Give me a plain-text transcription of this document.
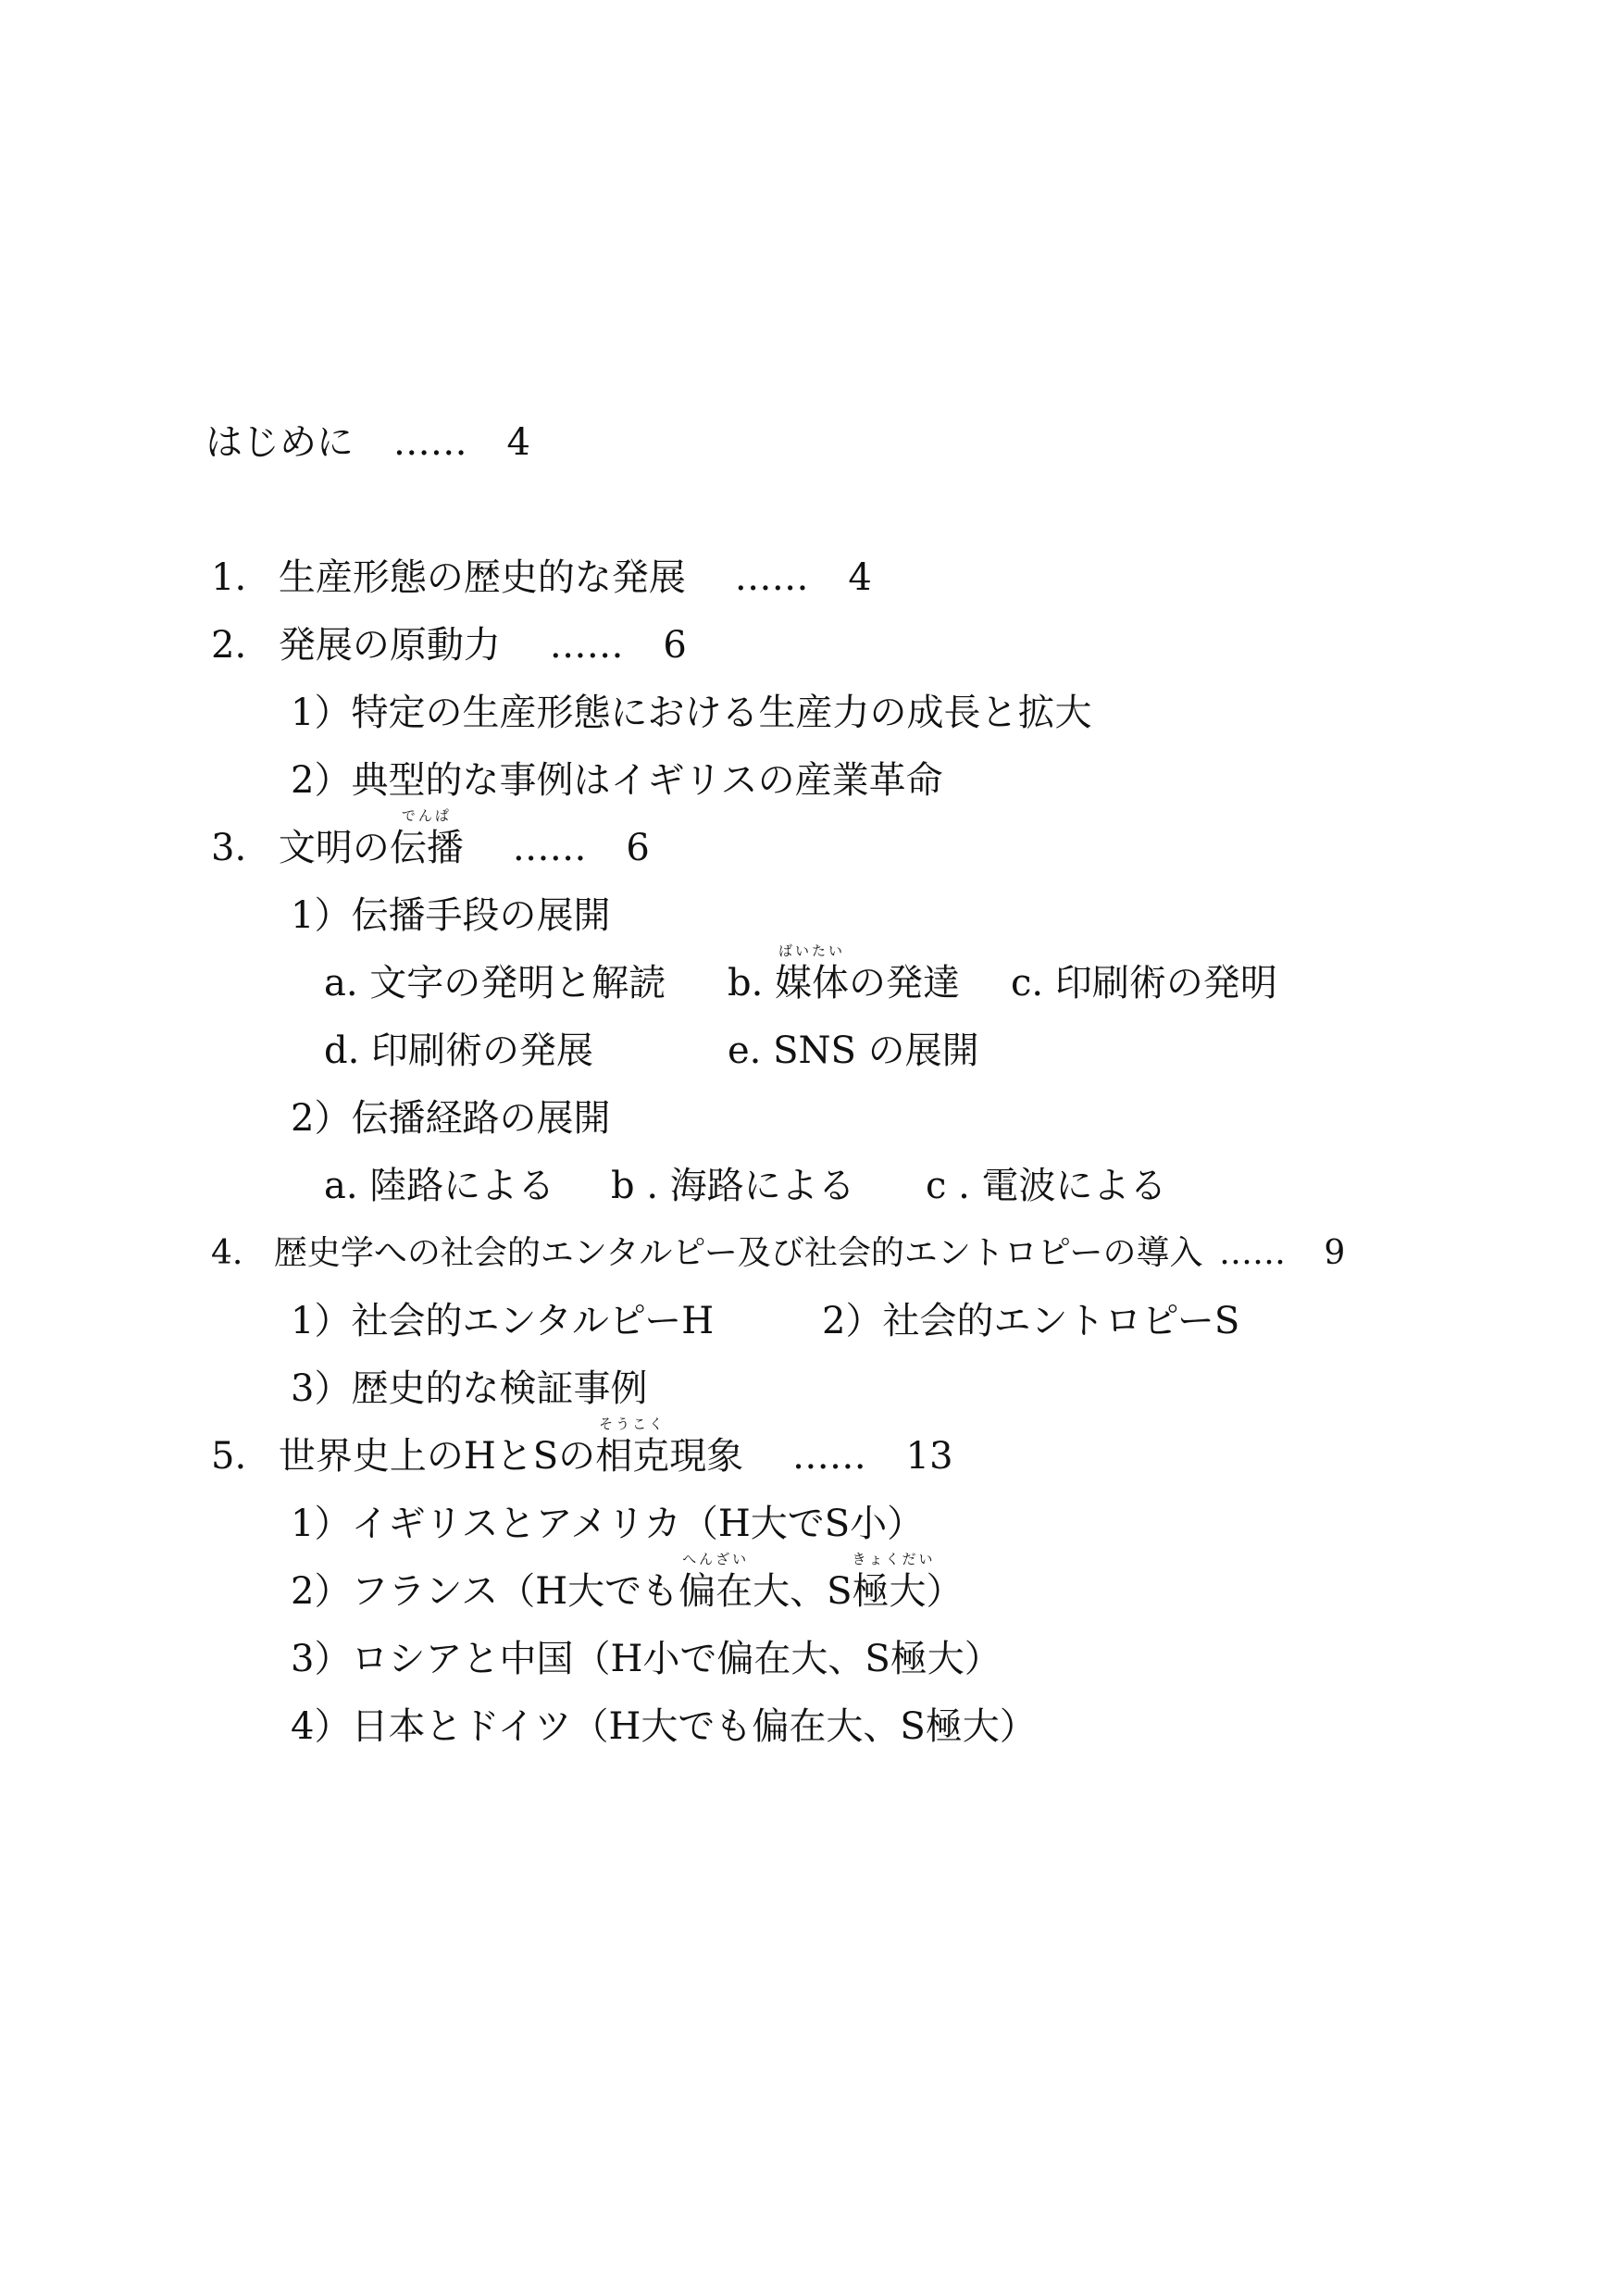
はじめに …… 4
1. 生産形態の歴史的な発展 …… 4
2. 発展の原動力 …… 6
1）特定の生産形態における生産力の成長と拡大
2）典型的な事例はイギリスの産業革命
3. 文明の
でんぱ
伝播 …… 6
1）伝播手段の展開
a. 文字の発明と解読 b.
ばいたい
媒体の発達 c. 印刷術の発明
d. 印刷術の発展	e. SNS の展開
2）伝播経路の展開
a. 陸路による b . 海路による c . 電波による
4. 歴史学への社会的エンタルピー及び社会的エントロピーの導入 …… 9
1）社会的エンタルピーH	2）社会的エントロピーS
3）歴史的な検証事例
5. 世界史上のHとSの
そうこく
相克現象 …… 13
1）イギリスとアメリカ（H大でS小）
2）フランス（H大でも
へんざい
偏在大、S
きょくだい
極大）
3）ロシアと中国（H小で偏在大、S極大）
4）日本とドイツ（H大でも偏在大、S極大）
